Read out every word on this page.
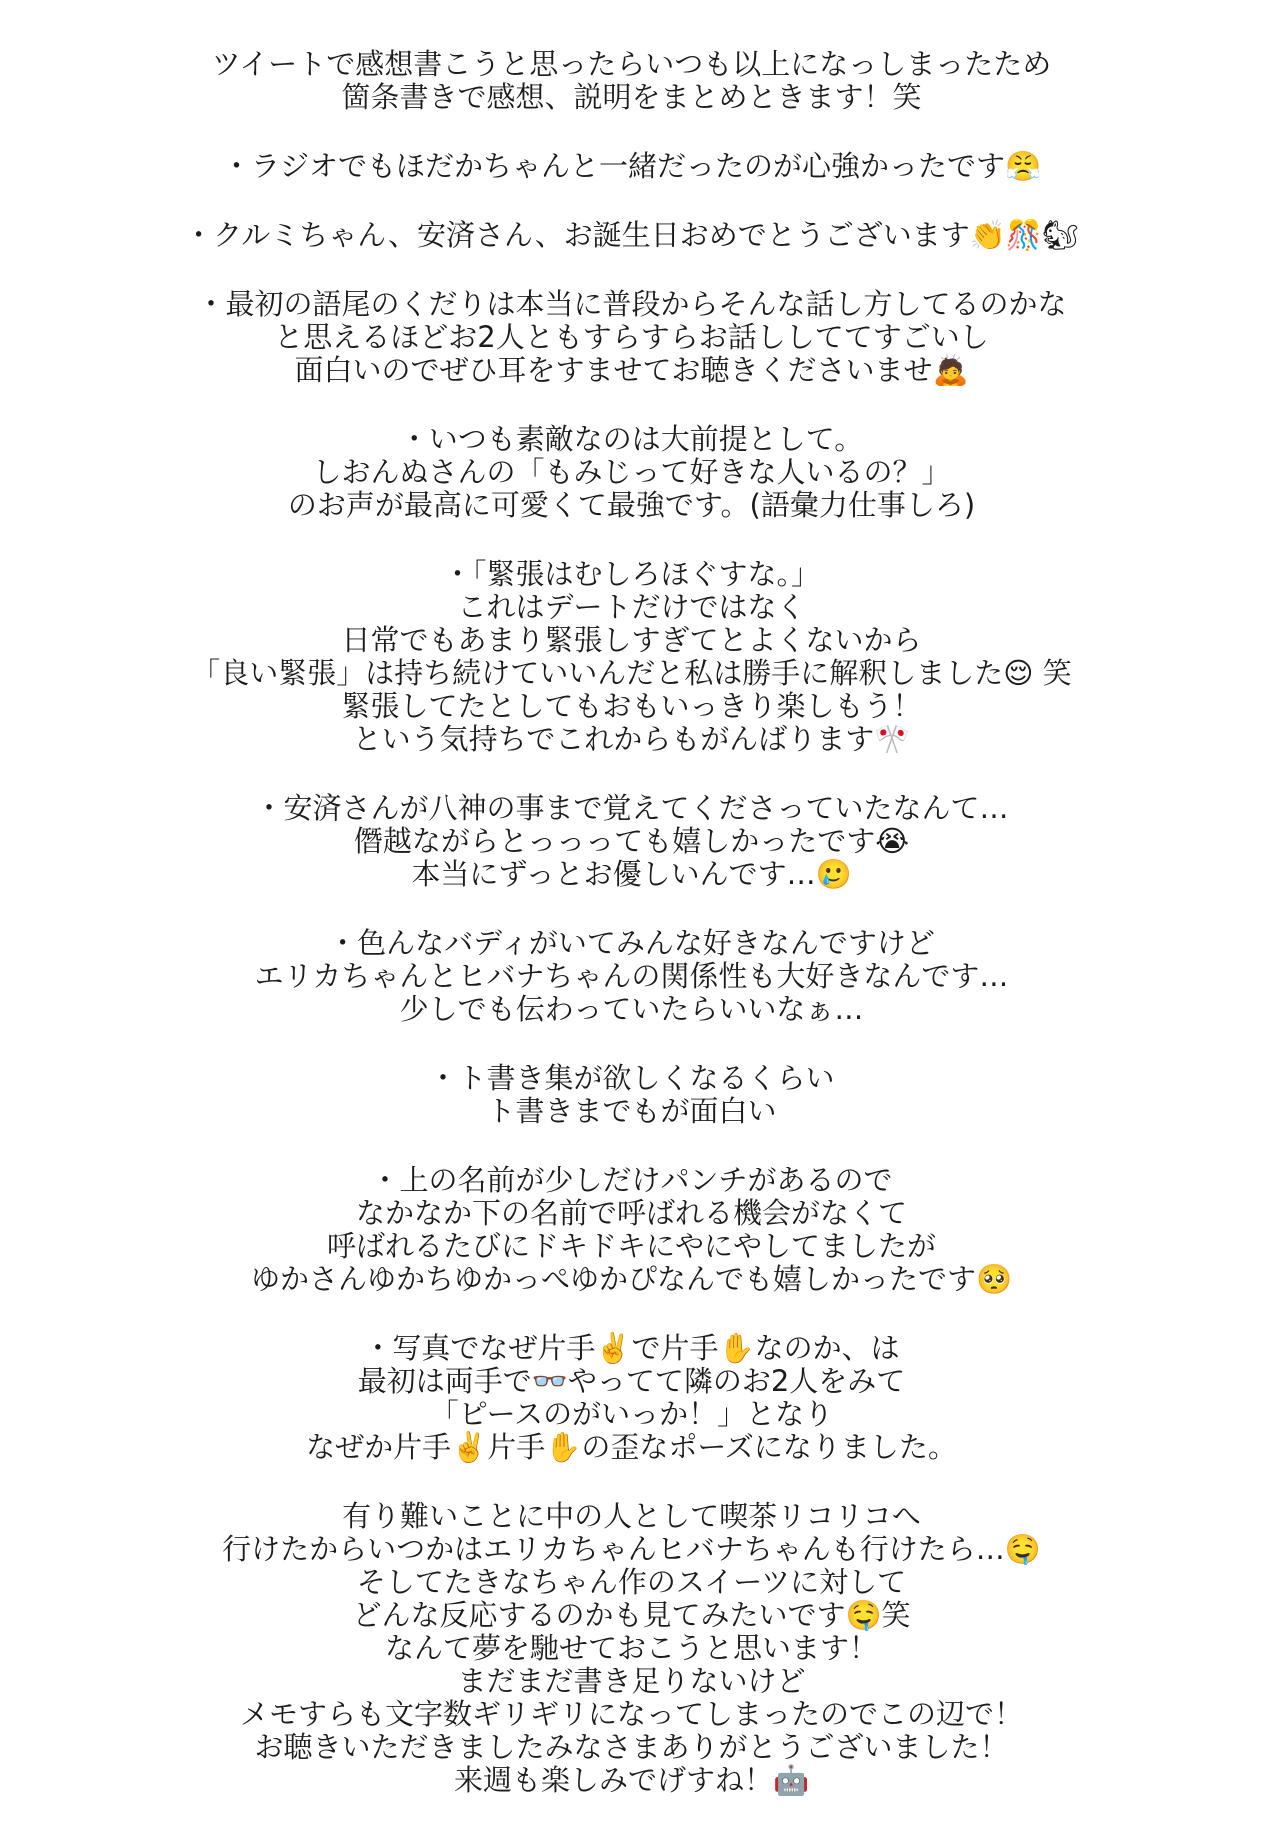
ツイートで感想書こうと思ったらいつも以上になっしまったため
箇条書きで感想、説明をまとめときます！笑
・ラジオでもほだかちゃんと一緒だったのが心強かったです😤
・クルミちゃん、安済さん、お誕生日おめでとうございます👏🎊🐿
・最初の語尾のくだりは本当に普段からそんな話し方してるのかな
と思えるほどお2人ともすらすらお話ししててすごいし
面白いのでぜひ耳をすませてお聴きくださいませ🙇
・いつも素敵なのは大前提として。
しおんぬさんの「もみじって好きな人いるの？」
のお声が最高に可愛くて最強です。(語彙力仕事しろ)
・「緊張はむしろほぐすな。」
これはデートだけではなく
日常でもあまり緊張しすぎてとよくないから
「良い緊張」は持ち続けていいんだと私は勝手に解釈しました😌 笑
緊張してたとしてもおもいっきり楽しもう！
という気持ちでこれからもがんばります🎌
・安済さんが八神の事まで覚えてくださっていたなんて…
僭越ながらとっっっても嬉しかったです😭
本当にずっとお優しいんです…🥲
・色んなバディがいてみんな好きなんですけど
エリカちゃんとヒバナちゃんの関係性も大好きなんです…
少しでも伝わっていたらいいなぁ…
・ト書き集が欲しくなるくらい
ト書きまでもが面白い
・上の名前が少しだけパンチがあるので
なかなか下の名前で呼ばれる機会がなくて
呼ばれるたびにドキドキにやにやしてましたが
ゆかさんゆかちゆかっぺゆかぴなんでも嬉しかったです🥺
・写真でなぜ片手✌️で片手✋なのか、は
最初は両手で👓やってて隣のお2人をみて
「ピースのがいっか！」となり
なぜか片手✌️片手✋の歪なポーズになりました。
有り難いことに中の人として喫茶リコリコへ
行けたからいつかはエリカちゃんヒバナちゃんも行けたら…🤤
そしてたきなちゃん作のスイーツに対して
どんな反応するのかも見てみたいです🤤笑
なんて夢を馳せておこうと思います！
まだまだ書き足りないけど
メモすらも文字数ギリギリになってしまったのでこの辺で！
お聴きいただきましたみなさまありがとうございました！
来週も楽しみでげすね！🤖
